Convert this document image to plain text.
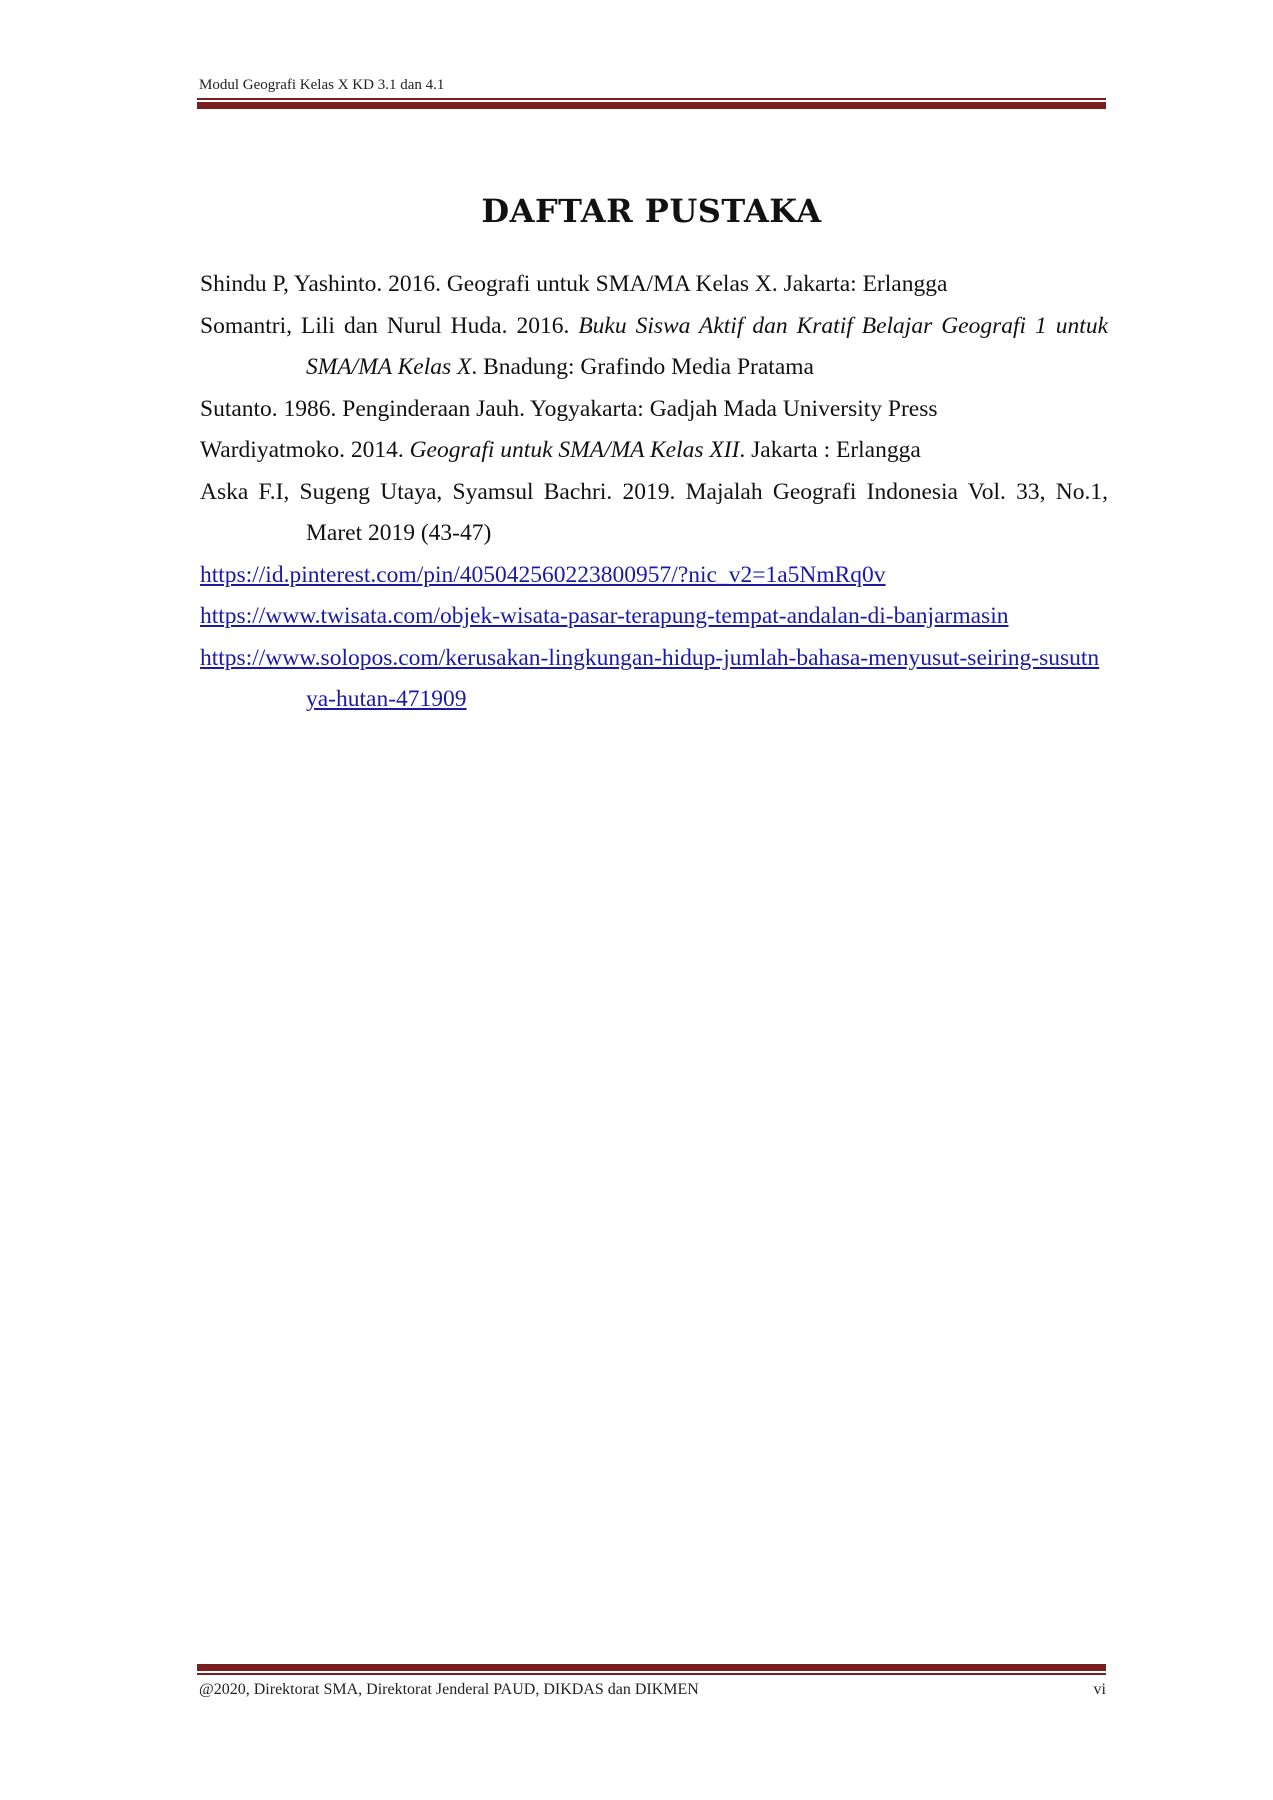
Modul Geografi Kelas X KD 3.1 dan 4.1
DAFTAR PUSTAKA

Shindu P, Yashinto. 2016. Geografi untuk SMA/MA Kelas X. Jakarta: Erlangga

Somantri, Lili dan Nurul Huda. 2016. Buku Siswa Aktif dan Kratif Belajar Geografi 1 untuk SMA/MA Kelas X. Bnadung: Grafindo Media Pratama

Sutanto. 1986. Penginderaan Jauh. Yogyakarta: Gadjah Mada University Press

Wardiyatmoko. 2014. Geografi untuk SMA/MA Kelas XII. Jakarta : Erlangga

Aska F.I, Sugeng Utaya, Syamsul Bachri. 2019. Majalah Geografi Indonesia Vol. 33, No.1, Maret 2019 (43-47)

https://id.pinterest.com/pin/405042560223800957/?nic_v2=1a5NmRq0v

https://www.twisata.com/objek-wisata-pasar-terapung-tempat-andalan-di-banjarmasin

https://www.solopos.com/kerusakan-lingkungan-hidup-jumlah-bahasa-menyusut-seiring-susutnya-hutan-471909

@2020, Direktorat SMA, Direktorat Jenderal PAUD, DIKDAS dan DIKMEN	vi
